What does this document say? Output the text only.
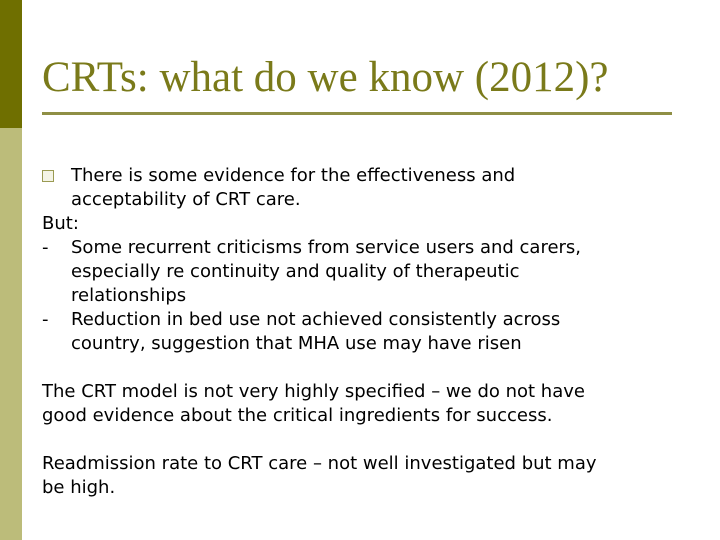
CRTs: what do we know (2012)?
There is some evidence for the effectiveness and
acceptability of CRT care.
But:
-	Some recurrent criticisms from service users and carers,
especially re continuity and quality of therapeutic
relationships
-	Reduction in bed use not achieved consistently across
country, suggestion that MHA use may have risen
The CRT model is not very highly specified – we do not have
good evidence about the critical ingredients for success.
Readmission rate to CRT care – not well investigated but may
be high.
